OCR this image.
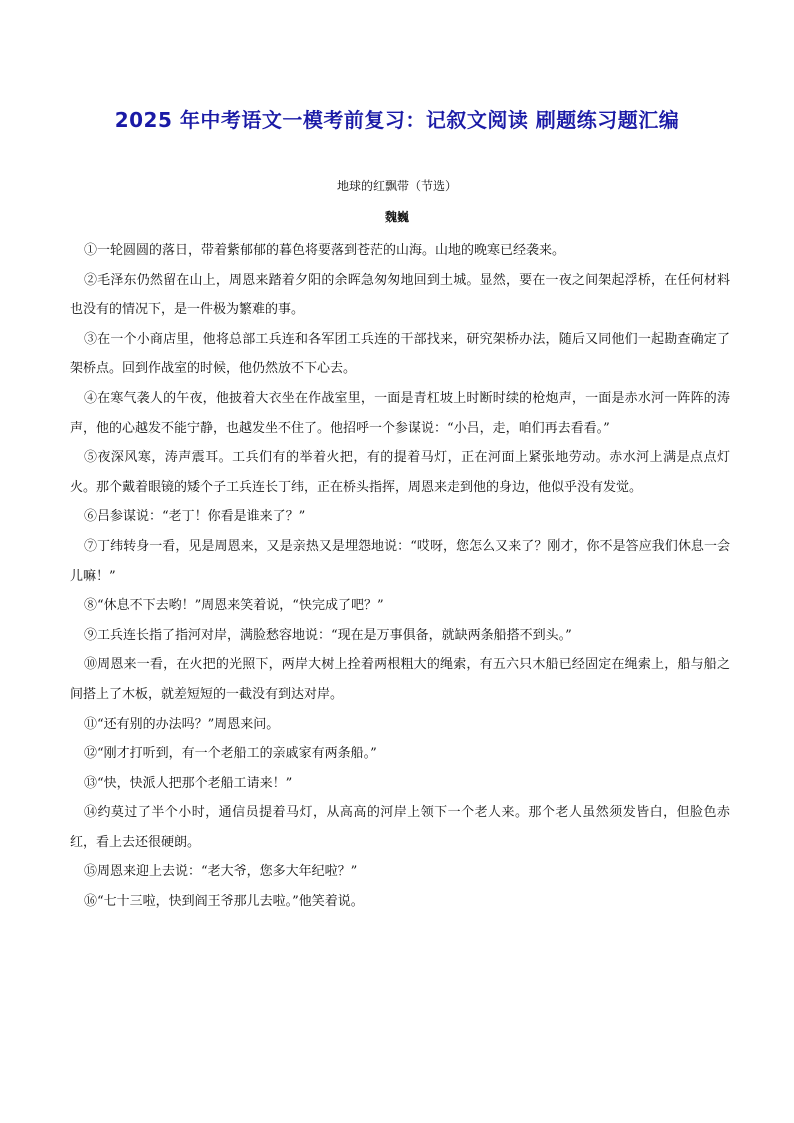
2025 年中考语文一模考前复习：记叙文阅读 刷题练习题汇编
地球的红飘带（节选）
魏巍

①一轮圆圆的落日，带着紫郁郁的暮色将要落到苍茫的山海。山地的晚寒已经袭来。

②毛泽东仍然留在山上，周恩来踏着夕阳的余晖急匆匆地回到土城。显然，要在一夜之间架起浮桥，在任何材料也没有的情况下，是一件极为繁难的事。

③在一个小商店里，他将总部工兵连和各军团工兵连的干部找来，研究架桥办法，随后又同他们一起勘查确定了架桥点。回到作战室的时候，他仍然放不下心去。

④在寒气袭人的午夜，他披着大衣坐在作战室里，一面是青杠坡上时断时续的枪炮声，一面是赤水河一阵阵的涛声，他的心越发不能宁静，也越发坐不住了。他招呼一个参谋说：“小吕，走，咱们再去看看。”

⑤夜深风寒，涛声震耳。工兵们有的举着火把，有的提着马灯，正在河面上紧张地劳动。赤水河上满是点点灯火。那个戴着眼镜的矮个子工兵连长丁纬，正在桥头指挥，周恩来走到他的身边，他似乎没有发觉。

⑥吕参谋说：“老丁！你看是谁来了？”

⑦丁纬转身一看，见是周恩来，又是亲热又是埋怨地说：“哎呀，您怎么又来了？刚才，你不是答应我们休息一会儿嘛！”

⑧“休息不下去哟！”周恩来笑着说，“快完成了吧？”

⑨工兵连长指了指河对岸，满脸愁容地说：“现在是万事俱备，就缺两条船搭不到头。”

⑩周恩来一看，在火把的光照下，两岸大树上拴着两根粗大的绳索，有五六只木船已经固定在绳索上，船与船之间搭上了木板，就差短短的一截没有到达对岸。

⑪“还有别的办法吗？”周恩来问。

⑫“刚才打听到，有一个老船工的亲戚家有两条船。”

⑬“快，快派人把那个老船工请来！”

⑭约莫过了半个小时，通信员提着马灯，从高高的河岸上领下一个老人来。那个老人虽然须发皆白，但脸色赤红，看上去还很硬朗。

⑮周恩来迎上去说：“老大爷，您多大年纪啦？”

⑯“七十三啦，快到阎王爷那儿去啦。”他笑着说。
